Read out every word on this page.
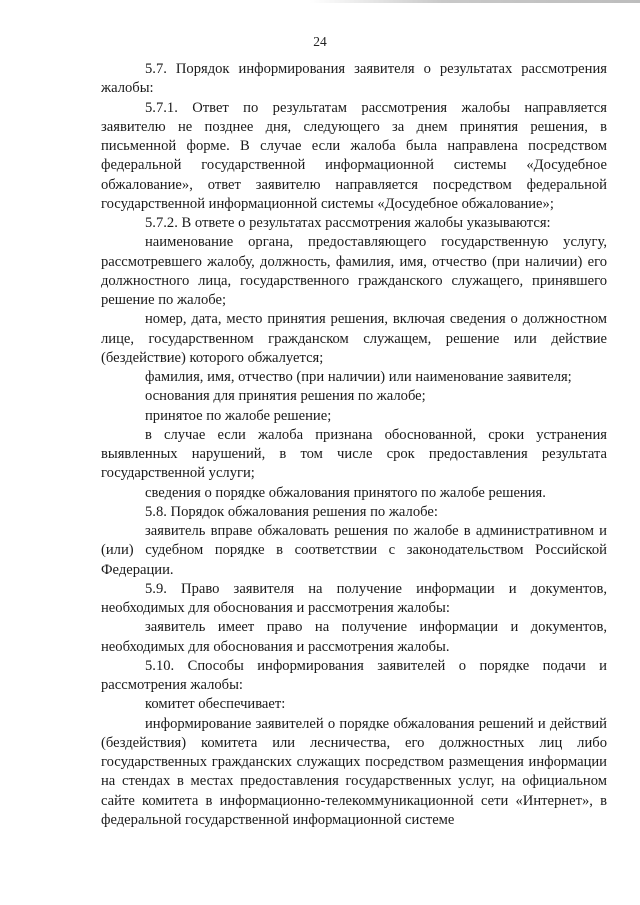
24

5.7. Порядок информирования заявителя о результатах рассмотрения жалобы:

5.7.1. Ответ по результатам рассмотрения жалобы направляется заявителю не позднее дня, следующего за днем принятия решения, в письменной форме. В случае если жалоба была направлена посредством федеральной государственной информационной системы «Досудебное обжалование», ответ заявителю направляется посредством федеральной государственной информационной системы «Досудебное обжалование»;

5.7.2. В ответе о результатах рассмотрения жалобы указываются:

наименование органа, предоставляющего государственную услугу, рассмотревшего жалобу, должность, фамилия, имя, отчество (при наличии) его должностного лица, государственного гражданского служащего, принявшего решение по жалобе;

номер, дата, место принятия решения, включая сведения о должностном лице, государственном гражданском служащем, решение или действие (бездействие) которого обжалуется;

фамилия, имя, отчество (при наличии) или наименование заявителя;

основания для принятия решения по жалобе;

принятое по жалобе решение;

в случае если жалоба признана обоснованной, сроки устранения выявленных нарушений, в том числе срок предоставления результата государственной услуги;

сведения о порядке обжалования принятого по жалобе решения.

5.8. Порядок обжалования решения по жалобе:

заявитель вправе обжаловать решения по жалобе в административном и (или) судебном порядке в соответствии с законодательством Российской Федерации.

5.9. Право заявителя на получение информации и документов, необходимых для обоснования и рассмотрения жалобы:

заявитель имеет право на получение информации и документов, необходимых для обоснования и рассмотрения жалобы.

5.10. Способы информирования заявителей о порядке подачи и рассмотрения жалобы:

комитет обеспечивает:

информирование заявителей о порядке обжалования решений и действий (бездействия) комитета или лесничества, его должностных лиц либо государственных гражданских служащих посредством размещения информации на стендах в местах предоставления государственных услуг, на официальном сайте комитета в информационно-телекоммуникационной сети «Интернет», в федеральной государственной информационной системе
